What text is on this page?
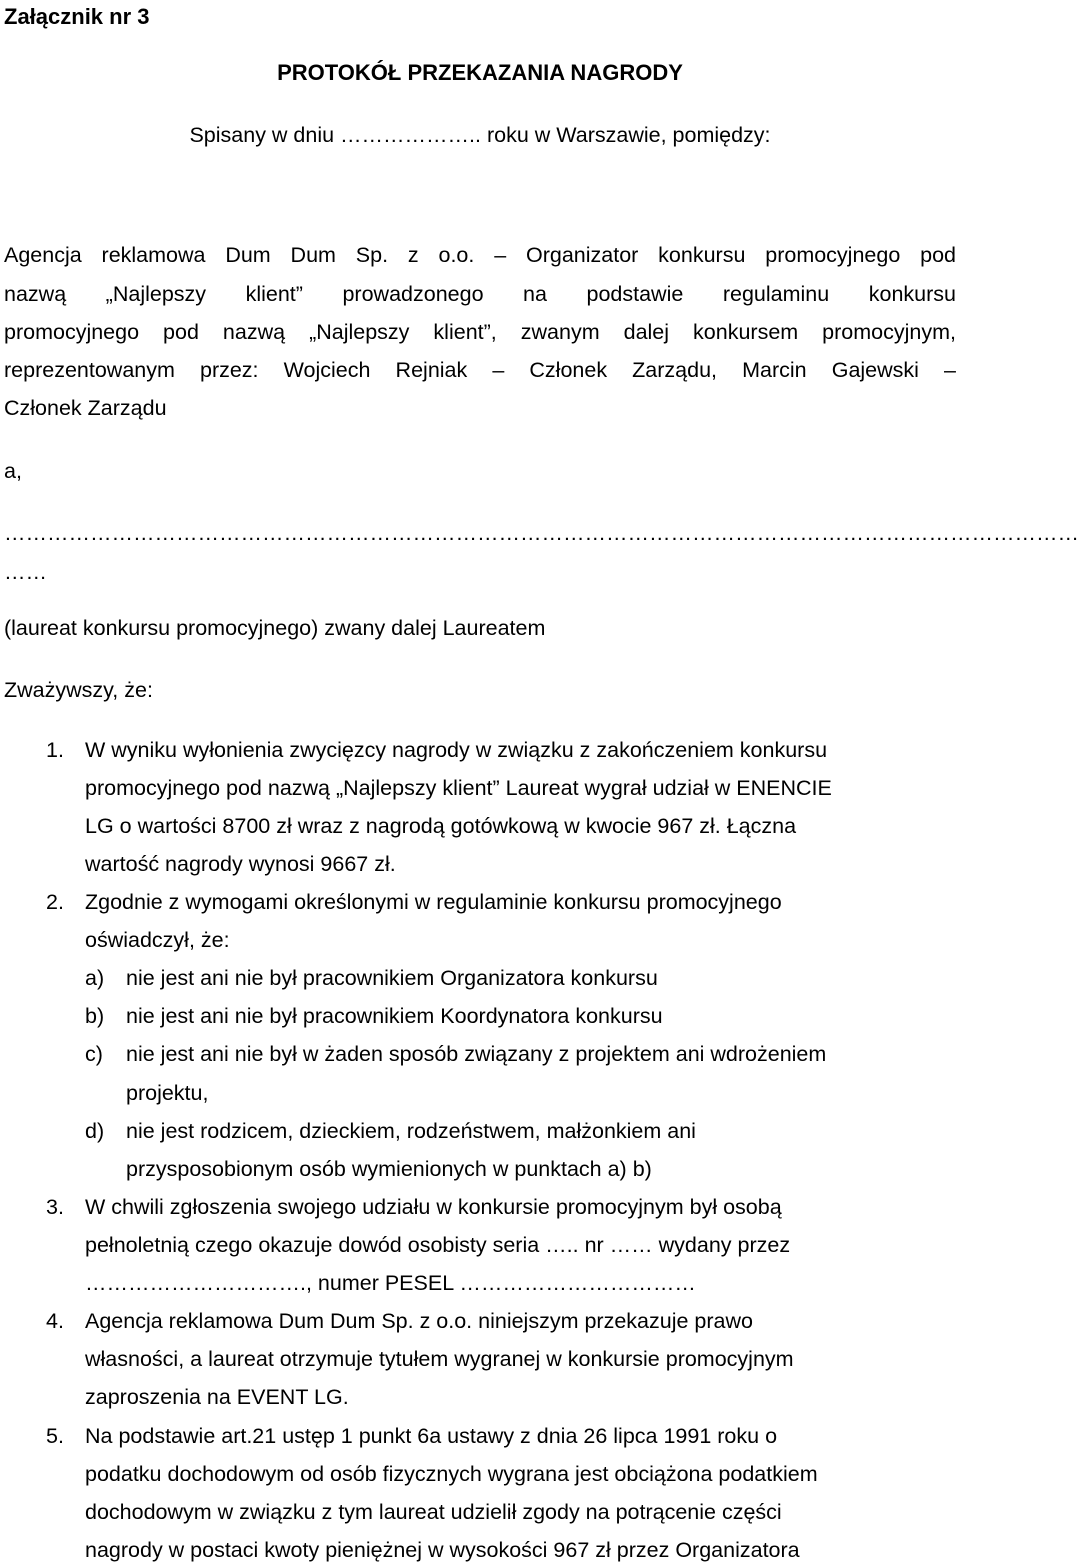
Załącznik nr 3
PROTOKÓŁ PRZEKAZANIA NAGRODY
Spisany w dniu ……………….. roku w Warszawie, pomiędzy:
Agencja reklamowa Dum Dum Sp. z o.o. – Organizator konkursu promocyjnego pod
nazwą „Najlepszy klient” prowadzonego na podstawie regulaminu konkursu
promocyjnego pod nazwą „Najlepszy klient”, zwanym dalej konkursem promocyjnym,
reprezentowanym przez: Wojciech Rejniak – Członek Zarządu, Marcin Gajewski –
Członek Zarządu
a,
……………………………………………………………………………………………………………………………………
……
(laureat konkursu promocyjnego) zwany dalej Laureatem
Zważywszy, że:
1. W wyniku wyłonienia zwycięzcy nagrody w związku z zakończeniem konkursu
promocyjnego pod nazwą „Najlepszy klient” Laureat wygrał udział w ENENCIE
LG o wartości 8700 zł wraz z nagrodą gotówkową w kwocie 967 zł. Łączna
wartość nagrody wynosi 9667 zł.
2. Zgodnie z wymogami określonymi w regulaminie konkursu promocyjnego
oświadczył, że:
a) nie jest ani nie był pracownikiem Organizatora konkursu
b) nie jest ani nie był pracownikiem Koordynatora konkursu
c) nie jest ani nie był w żaden sposób związany z projektem ani wdrożeniem
projektu,
d) nie jest rodzicem, dzieckiem, rodzeństwem, małżonkiem ani
przysposobionym osób wymienionych w punktach a) b)
3. W chwili zgłoszenia swojego udziału w konkursie promocyjnym był osobą
pełnoletnią czego okazuje dowód osobisty seria ….. nr …… wydany przez
…………………………., numer PESEL ……………………………
4. Agencja reklamowa Dum Dum Sp. z o.o. niniejszym przekazuje prawo
własności, a laureat otrzymuje tytułem wygranej w konkursie promocyjnym
zaproszenia na EVENT LG.
5. Na podstawie art.21 ustęp 1 punkt 6a ustawy z dnia 26 lipca 1991 roku o
podatku dochodowym od osób fizycznych wygrana jest obciążona podatkiem
dochodowym w związku z tym laureat udzielił zgody na potrącenie części
nagrody w postaci kwoty pieniężnej w wysokości 967 zł przez Organizatora
